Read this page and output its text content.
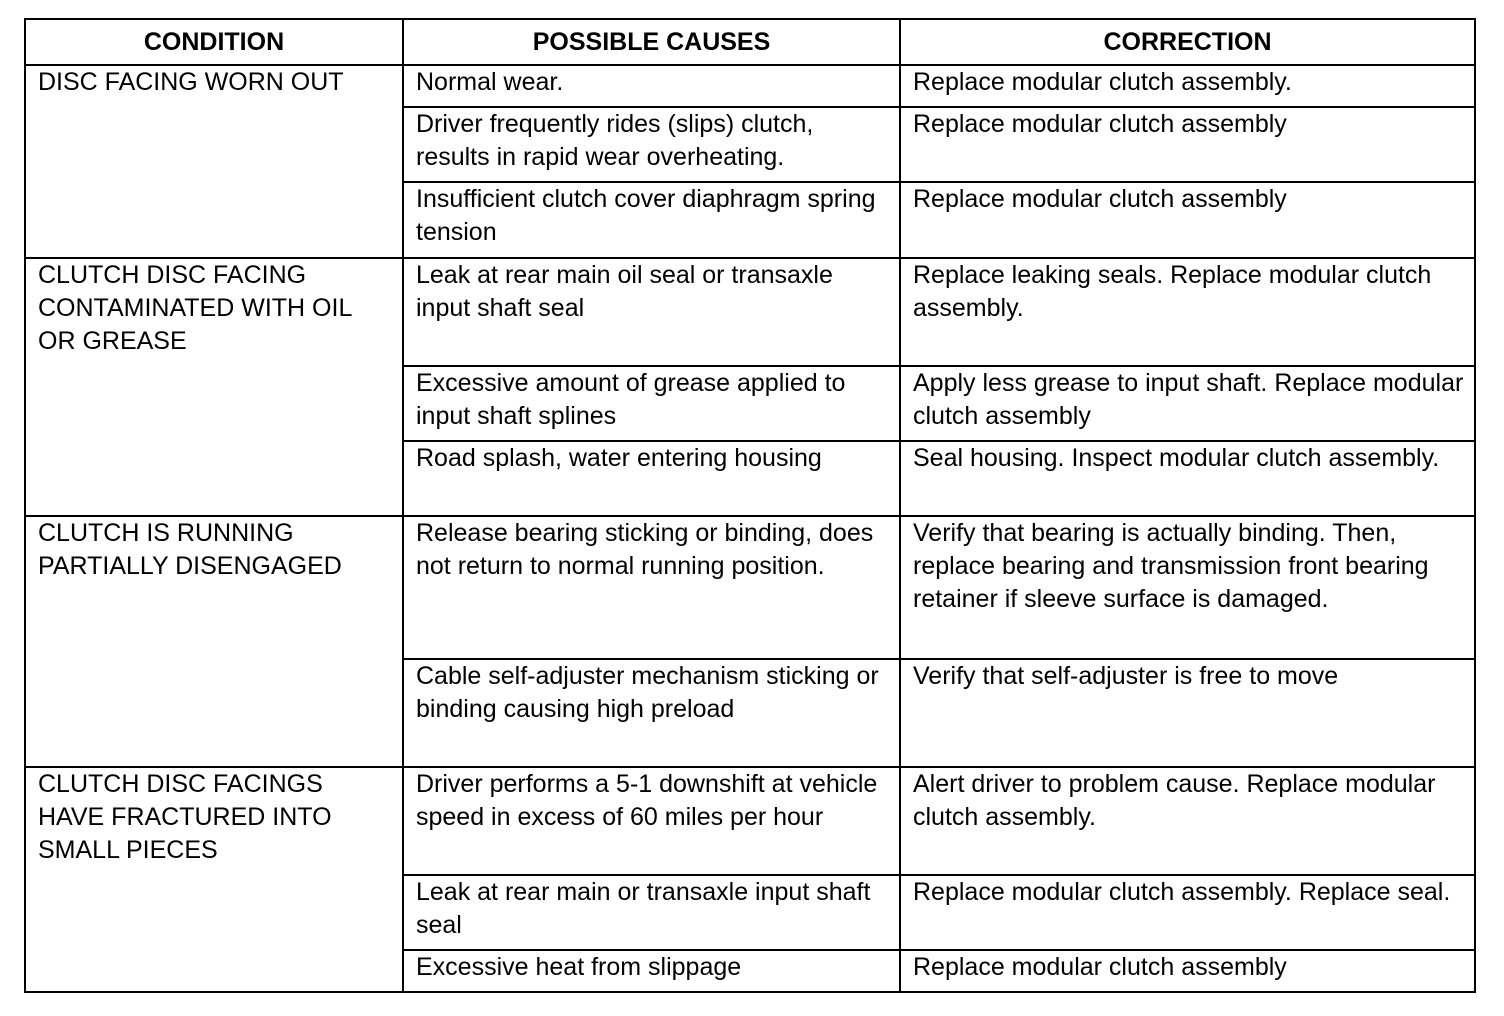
CONDITION	POSSIBLE CAUSES	CORRECTION
DISC FACING WORN OUT	Normal wear.	Replace modular clutch assembly.
	Driver frequently rides (slips) clutch, results in rapid wear overheating.	Replace modular clutch assembly
	Insufficient clutch cover diaphragm spring tension	Replace modular clutch assembly
CLUTCH DISC FACING CONTAMINATED WITH OIL OR GREASE	Leak at rear main oil seal or transaxle input shaft seal	Replace leaking seals. Replace modular clutch assembly.
	Excessive amount of grease applied to input shaft splines	Apply less grease to input shaft. Replace modular clutch assembly
	Road splash, water entering housing	Seal housing. Inspect modular clutch assembly.
CLUTCH IS RUNNING PARTIALLY DISENGAGED	Release bearing sticking or binding, does not return to normal running position.	Verify that bearing is actually binding. Then, replace bearing and transmission front bearing retainer if sleeve surface is damaged.
	Cable self-adjuster mechanism sticking or binding causing high preload	Verify that self-adjuster is free to move
CLUTCH DISC FACINGS HAVE FRACTURED INTO SMALL PIECES	Driver performs a 5-1 downshift at vehicle speed in excess of 60 miles per hour	Alert driver to problem cause. Replace modular clutch assembly.
	Leak at rear main or transaxle input shaft seal	Replace modular clutch assembly. Replace seal.
	Excessive heat from slippage	Replace modular clutch assembly
